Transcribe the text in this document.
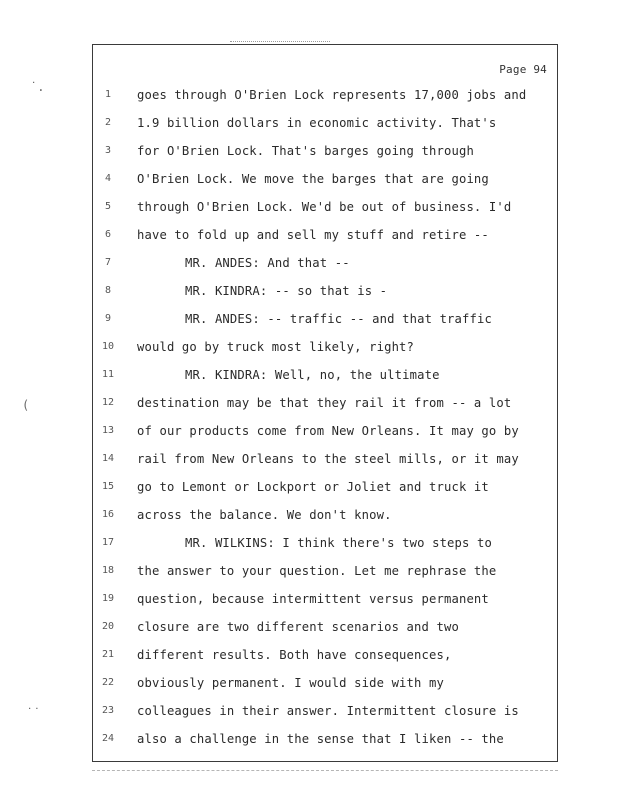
˙.
(
˙˙
Page 94
1	goes through O'Brien Lock represents 17,000 jobs and
2	1.9 billion dollars in economic activity. That's
3	for O'Brien Lock. That's barges going through
4	O'Brien Lock. We move the barges that are going
5	through O'Brien Lock. We'd be out of business. I'd
6	have to fold up and sell my stuff and retire --
7	MR. ANDES: And that --
8	MR. KINDRA: -- so that is -
9	MR. ANDES: -- traffic -- and that traffic
10 would go by truck most likely, right?
11	MR. KINDRA: Well, no, the ultimate
12 destination may be that they rail it from -- a lot
13 of our products come from New Orleans. It may go by
14 rail from New Orleans to the steel mills, or it may
15 go to Lemont or Lockport or Joliet and truck it
16 across the balance. We don't know.
17	MR. WILKINS: I think there's two steps to
18 the answer to your question. Let me rephrase the
19 question, because intermittent versus permanent
20 closure are two different scenarios and two
21 different results. Both have consequences,
22 obviously permanent. I would side with my
23 colleagues in their answer. Intermittent closure is
24 also a challenge in the sense that I liken -- the
